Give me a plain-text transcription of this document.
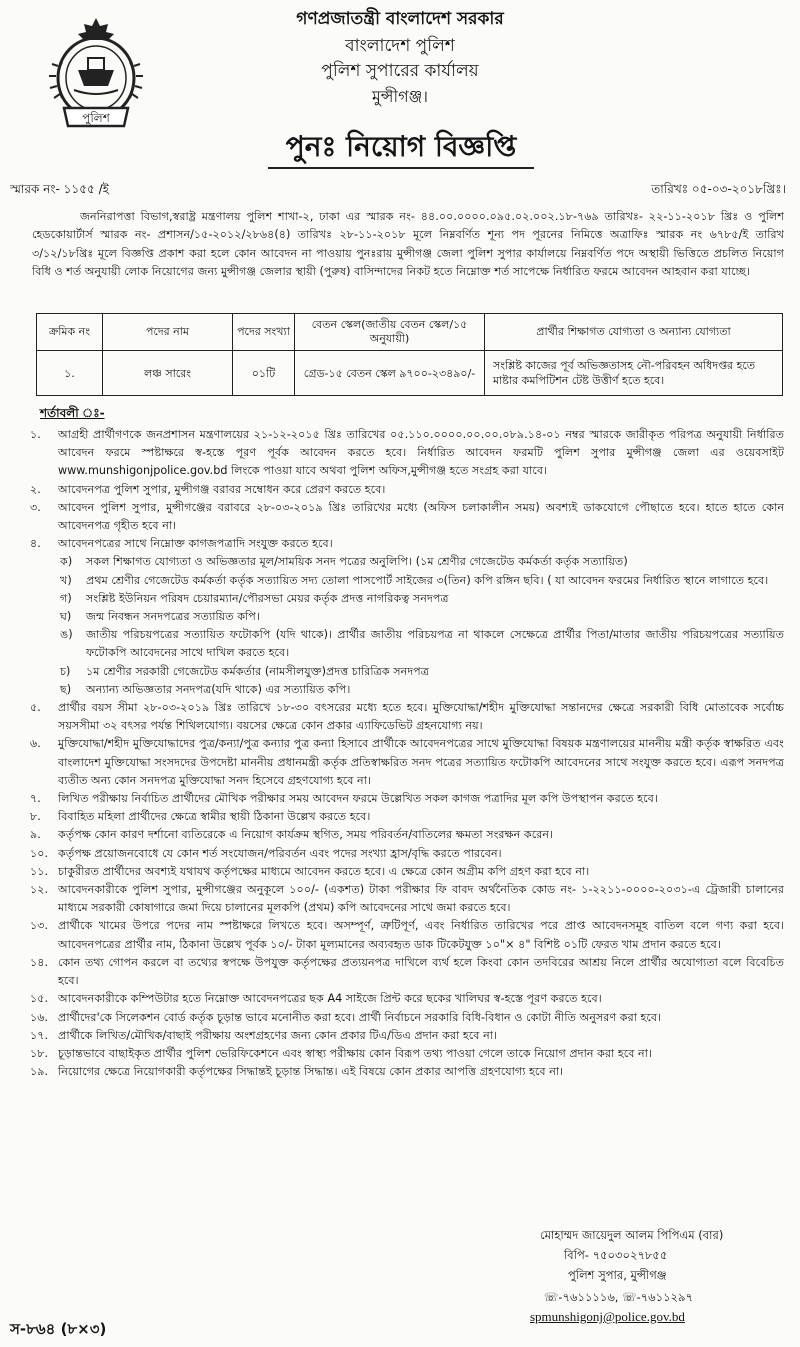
পুলিশ
গণপ্রজাতন্ত্রী বাংলাদেশ সরকার
বাংলাদেশ পুলিশ
পুলিশ সুপারের কার্যালয়
মুন্সীগঞ্জ।
পুনঃ নিয়োগ বিজ্ঞপ্তি
স্মারক নং- ১১৫৫ /ই	তারিখঃ ০৫-০৩-২০১৮খ্রিঃ।
জননিরাপত্তা বিভাগ,স্বরাষ্ট্র মন্ত্রণালয় পুলিশ শাখা-২, ঢাকা এর স্মারক নং- ৪৪.০০.০০০০.০৯৫.০২.০০২.১৮-৭৬৯ তারিখঃ- ২২-১১-২০১৮ খ্রিঃ ও পুলিশ হেডকোয়ার্টার্স স্মারক নং- প্রশাসন/১৫-২০১২/২৮৬৪(৪) তারিখঃ ২৮-১১-২০১৮ মূলে নিম্নবর্ণিত শূন্য পদ পূরনের নিমিত্তে অত্রাফিঃ স্মারক নং ৬৭৮৫/ই তারিখ ৩/১২/১৮খ্রিঃ মূলে বিজ্ঞপ্তি প্রকাশ করা হলে কোন আবেদন না পাওয়ায় পুনঃরায় মুন্সীগঞ্জ জেলা পুলিশ সুপার কার্যালয়ে নিম্নবর্ণিত পদে অস্থায়ী ভিত্তিতে প্রচলিত নিয়োগ বিধি ও শর্ত অনুযায়ী লোক নিয়োগের জন্য মুন্সীগঞ্জ জেলার স্থায়ী (পুরুষ) বাসিন্দাদের নিকট হতে নিম্নোক্ত শর্ত সাপেক্ষে নির্ধারিত ফরমে আবেদন আহবান করা যাচ্ছে।
ক্রমিক নং	পদের নাম	পদের সংখ্যা	বেতন স্কেল(জাতীয় বেতন স্কেল/১৫ অনুযায়ী)	প্রার্থীর শিক্ষাগত যোগ্যতা ও অন্যান্য যোগ্যতা
১.	লঞ্চ সারেং	০১টি	গ্রেড-১৫ বেতন স্কেল ৯৭০০-২৩৪৯০/-	সংশ্লিষ্ট কাজের পূর্ব অভিজ্ঞতাসহ নৌ-পরিবহন অধিদপ্তর হতে মাষ্টার কমপিটিশন টেষ্ট উত্তীর্ণ হতে হবে।
শর্তাবলী ঃ-
১. আগ্রহী প্রার্থীগণকে জনপ্রশাসন মন্ত্রণালয়ের ২১-১২-২০১৫ খ্রিঃ তারিখের ০৫.১১০.০০০০.০০.০০.০৮৯.১৪-০১ নম্বর স্মারকে জারীকৃত পরিপত্র অনুযায়ী নির্ধারিত আবেদন ফরমে স্পষ্টাক্ষরে স্ব-হস্তে পূরণ পূর্বক আবেদন করতে হবে। নির্ধারিত আবেদন ফরমটি পুলিশ সুপার মুন্সীগঞ্জ জেলা এর ওয়েবসাইট www.munshigonjpolice.gov.bd লিংকে পাওয়া যাবে অথবা পুলিশ অফিস,মুন্সীগঞ্জ হতে সংগ্রহ করা যাবে।
২. আবেদনপত্র পুলিশ সুপার, মুন্সীগঞ্জ বরাবর সম্বোধন করে প্রেরণ করতে হবে।
৩. আবেদন পুলিশ সুপার, মুন্সীগঞ্জের বরাবরে ২৮-০৩-২০১৯ খ্রিঃ তারিখের মধ্যে (অফিস চলাকালীন সময়) অবশ্যই ডাকযোগে পৌছাতে হবে। হাতে হাতে কোন আবেদনপত্র গৃহীত হবে না।
৪. আবেদনপত্রের সাথে নিম্নোক্ত কাগজপত্রাদি সংযুক্ত করতে হবে।
ক) সকল শিক্ষাগত যোগ্যতা ও অভিজ্ঞতার মূল/সাময়িক সনদ পত্রের অনুলিপি। (১ম শ্রেণীর গেজেটেড কর্মকর্তা কর্তৃক সত্যায়িত)
খ) প্রথম শ্রেণীর গেজেটেড কর্মকর্তা কর্তৃক সত্যায়িত সদ্য তোলা পাসপোর্ট সাইজের ৩(তিন) কপি রঙ্গিন ছবি। ( যা আবেদন ফরমের নির্ধারিত স্থানে লাগাতে হবে।
গ) সংশ্লিষ্ট ইউনিয়ন পরিষদ চেয়ারম্যান/পৌরসভা মেয়র কর্তৃক প্রদত্ত নাগরিকত্ব সনদপত্র
ঘ) জন্ম নিবন্ধন সনদপত্রের সত্যায়িত কপি।
ঙ) জাতীয় পরিচয়পত্রের সত্যায়িত ফটোকপি (যদি থাকে)। প্রার্থীর জাতীয় পরিচয়পত্র না থাকলে সেক্ষেত্রে প্রার্থীর পিতা/মাতার জাতীয় পরিচয়পত্রের সত্যায়িত ফটোকপি আবেদনের সাথে দাখিল করতে হবে।
চ) ১ম শ্রেণীর সরকারী গেজেটেড কর্মকর্তার (নামসীলযুক্ত)প্রদত্ত চারিত্রিক সনদপত্র
ছ) অন্যান্য অভিজ্ঞতার সনদপত্র(যদি থাকে) এর সত্যায়িত কপি।
৫. প্রার্থীর বয়স সীমা ২৮-০৩-২০১৯ খ্রিঃ তারিখে ১৮-৩০ বৎসরের মধ্যে হতে হবে। মুক্তিযোদ্ধা/শহীদ মুক্তিযোদ্ধা সন্তানদের ক্ষেত্রে সরকারী বিধি মোতাবেক সর্বোচ্চ সয়সসীমা ৩২ বৎসর পর্যন্ত শিথিলযোগ্য। বয়সের ক্ষেত্রে কোন প্রকার এ্যাফিডেভিট গ্রহনযোগ্য নয়।
৬. মুক্তিযোদ্ধা/শহীদ মুক্তিযোদ্ধাদের পুত্র/কন্যা/পুত্র কন্যার পুত্র কন্যা হিসাবে প্রার্থীকে আবেদনপত্রের সাথে মুক্তিযোদ্ধা বিষয়ক মন্ত্রণালয়ের মাননীয় মন্ত্রী কর্তৃক স্বাক্ষরিত এবং বাংলাদেশ মুক্তিযোদ্ধা সংসদদের উপদেষ্টা মাননীয় প্রধানমন্ত্রী কর্তৃক প্রতিস্বাক্ষরিত সনদ পত্রের সত্যায়িত ফটোকপি আবেদনের সাথে সংযুক্ত করতে হবে। এরূপ সনদপত্র ব্যতীত অন্য কোন সনদপত্র মুক্তিযোদ্ধা সনদ হিসেবে গ্রহণযোগ্য হবে না।
৭. লিখিত পরীক্ষায় নির্বাচিত প্রার্থীদের মৌখিক পরীক্ষার সময় আবেদন ফরমে উল্লেখিত সকল কাগজ পত্রাদির মূল কপি উপস্থাপন করতে হবে।
৮. বিবাহিত মহিলা প্রার্থীদের ক্ষেত্রে স্বামীর স্থায়ী ঠিকানা উল্লেখ করতে হবে।
৯. কর্তৃপক্ষ কোন কারণ দর্শানো ব্যতিরেকে এ নিয়োগ কার্যক্রম স্থগিত, সময় পরিবর্তন/বাতিলের ক্ষমতা সংরক্ষন করেন।
১০. কর্তৃপক্ষ প্রয়োজনবোধে যে কোন শর্ত সংযোজন/পরিবর্তন এবং পদের সংখ্যা হ্রাস/বৃদ্ধি করতে পারবেন।
১১. চাকুরীরত প্রার্থীদের অবশ্যই যথাযথ কর্তৃপক্ষের মাধ্যমে আবেদন করতে হবে। এ ক্ষেত্রে কোন অগ্রীম কপি গ্রহণ করা হবে না।
১২. আবেদনকারীকে পুলিশ সুপার, মুন্সীগঞ্জের অনুকূলে ১০০/- (একশত) টাকা পরীক্ষার ফি বাবদ অর্থনৈতিক কোড নং- ১-২২১১-০০০০-২০৩১-এ ট্রেজারী চালানের মাধ্যমে সরকারী কোষাগারে জমা দিয়ে চালানের মূলকপি (প্রথম) কপি আবেদনের সাথে জমা করতে হবে।
১৩. প্রার্থীকে খামের উপরে পদের নাম স্পষ্টাক্ষরে লিখতে হবে। অসম্পূর্ণ, ত্রুটিপূর্ণ, এবং নির্ধারিত তারিখের পরে প্রাপ্ত আবেদনসমূহ বাতিল বলে গণ্য করা হবে। আবেদনপত্রের প্রার্থীর নাম, ঠিকানা উল্লেখ পূর্বক ১০/- টাকা মূল্যমানের অব্যবহৃত ডাক টিকেটযুক্ত ১০"× ৪" বিশিষ্ট ০১টি ফেরত খাম প্রদান করতে হবে।
১৪. কোন তথ্য গোপন করলে বা তথ্যের স্বপক্ষে উপযুক্ত কর্তৃপক্ষের প্রত্যয়নপত্র দাখিলে ব্যর্থ হলে কিংবা কোন তদবিরের আশ্রয় নিলে প্রার্থীর অযোগ্যতা বলে বিবেচিত হবে।
১৫. আবেদনকারীকে কম্পিউটার হতে নিম্নোক্ত আবেদনপত্রের ছক A4 সাইজে প্রিন্ট করে ছকের খালিঘর স্ব-হস্তে পূরণ করতে হবে।
১৬. প্রার্থীদের'কে সিলেকশন বোর্ড কর্তৃক চূড়ান্ত ভাবে মনোনীত করা হবে। প্রার্থী নির্বাচনে সরকারি বিধি-বিধান ও কোটা নীতি অনুসরণ করা হবে।
১৭. প্রার্থীকে লিখিত/মৌখিক/বাছাই পরীক্ষায় অংশগ্রহণের জন্য কোন প্রকার টিএ/ডিএ প্রদান করা হবে না।
১৮. চূড়ান্তভাবে বাছাইকৃত প্রার্থীর পুলিশ ভেরিফিকেশনে এবং স্বাস্থ্য পরীক্ষায় কোন বিরূপ তথ্য পাওয়া গেলে তাকে নিয়োগ প্রদান করা হবে না।
১৯. নিয়োগের ক্ষেত্রে নিয়োগকারী কর্তৃপক্ষের সিদ্ধান্তই চূড়ান্ত সিদ্ধান্ত। এই বিষয়ে কোন প্রকার আপত্তি গ্রহণযোগ্য হবে না।
মোহাম্মদ জায়েদুল আলম পিপিএম (বার)
বিপি- ৭৫০৩০২৭৮৫৫
পুলিশ সুপার, মুন্সীগঞ্জ
☏-৭৬১১১১৬, ☏-৭৬১১২৯৭
spmunshigonj@police.gov.bd
স-৮৬৪ (৮×৩)
